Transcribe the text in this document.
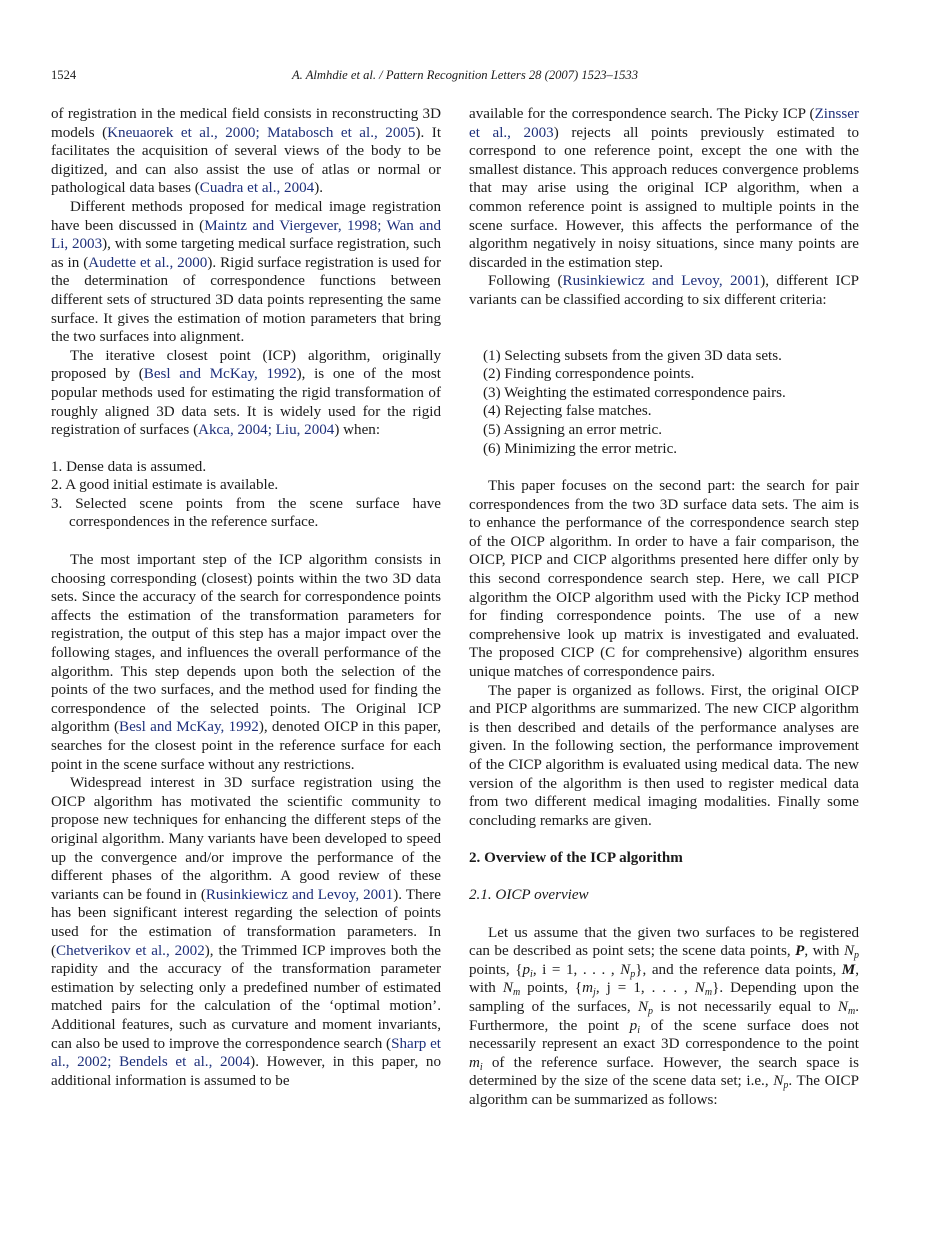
1524	A. Almhdie et al. / Pattern Recognition Letters 28 (2007) 1523–1533

of registration in the medical field consists in reconstructing 3D models (Kneuaorek et al., 2000; Matabosch et al., 2005). It facilitates the acquisition of several views of the body to be digitized, and can also assist the use of atlas or normal or pathological data bases (Cuadra et al., 2004).

Different methods proposed for medical image registration have been discussed in (Maintz and Viergever, 1998; Wan and Li, 2003), with some targeting medical surface registration, such as in (Audette et al., 2000). Rigid surface registration is used for the determination of correspondence functions between different sets of structured 3D data points representing the same surface. It gives the estimation of motion parameters that bring the two surfaces into alignment.

The iterative closest point (ICP) algorithm, originally proposed by (Besl and McKay, 1992), is one of the most popular methods used for estimating the rigid transformation of roughly aligned 3D data sets. It is widely used for the rigid registration of surfaces (Akca, 2004; Liu, 2004) when:

1. Dense data is assumed.
2. A good initial estimate is available.
3. Selected scene points from the scene surface have correspondences in the reference surface.

The most important step of the ICP algorithm consists in choosing corresponding (closest) points within the two 3D data sets. Since the accuracy of the search for correspondence points affects the estimation of the transformation parameters for registration, the output of this step has a major impact over the following stages, and influences the overall performance of the algorithm. This step depends upon both the selection of the points of the two surfaces, and the method used for finding the correspondence of the selected points. The Original ICP algorithm (Besl and McKay, 1992), denoted OICP in this paper, searches for the closest point in the reference surface for each point in the scene surface without any restrictions.

Widespread interest in 3D surface registration using the OICP algorithm has motivated the scientific community to propose new techniques for enhancing the different steps of the original algorithm. Many variants have been developed to speed up the convergence and/or improve the performance of the different phases of the algorithm. A good review of these variants can be found in (Rusinkiewicz and Levoy, 2001). There has been significant interest regarding the selection of points used for the estimation of transformation parameters. In (Chetverikov et al., 2002), the Trimmed ICP improves both the rapidity and the accuracy of the transformation parameter estimation by selecting only a predefined number of estimated matched pairs for the calculation of the ‘optimal motion’. Additional features, such as curvature and moment invariants, can also be used to improve the correspondence search (Sharp et al., 2002; Bendels et al., 2004). However, in this paper, no additional information is assumed to be

available for the correspondence search. The Picky ICP (Zinsser et al., 2003) rejects all points previously estimated to correspond to one reference point, except the one with the smallest distance. This approach reduces convergence problems that may arise using the original ICP algorithm, when a common reference point is assigned to multiple points in the scene surface. However, this affects the performance of the algorithm negatively in noisy situations, since many points are discarded in the estimation step.

Following (Rusinkiewicz and Levoy, 2001), different ICP variants can be classified according to six different criteria:

(1) Selecting subsets from the given 3D data sets.
(2) Finding correspondence points.
(3) Weighting the estimated correspondence pairs.
(4) Rejecting false matches.
(5) Assigning an error metric.
(6) Minimizing the error metric.

This paper focuses on the second part: the search for pair correspondences from the two 3D surface data sets. The aim is to enhance the performance of the correspondence search step of the OICP algorithm. In order to have a fair comparison, the OICP, PICP and CICP algorithms presented here differ only by this second correspondence search step. Here, we call PICP algorithm the OICP algorithm used with the Picky ICP method for finding correspondence points. The use of a new comprehensive look up matrix is investigated and evaluated. The proposed CICP (C for comprehensive) algorithm ensures unique matches of correspondence pairs.

The paper is organized as follows. First, the original OICP and PICP algorithms are summarized. The new CICP algorithm is then described and details of the performance analyses are given. In the following section, the performance improvement of the CICP algorithm is evaluated using medical data. The new version of the algorithm is then used to register medical data from two different medical imaging modalities. Finally some concluding remarks are given.

2. Overview of the ICP algorithm
2.1. OICP overview

Let us assume that the given two surfaces to be registered can be described as point sets; the scene data points, P, with $N_p$ points, {$p_i$, i = 1, . . . , $N_p$}, and the reference data points, M, with $N_m$ points, {$m_j$, j = 1, . . . , $N_m$}. Depending upon the sampling of the surfaces, $N_p$ is not necessarily equal to $N_m$. Furthermore, the point $p_i$ of the scene surface does not necessarily represent an exact 3D correspondence to the point $m_i$ of the reference surface. However, the search space is determined by the size of the scene data set; i.e., $N_p$. The OICP algorithm can be summarized as follows:
